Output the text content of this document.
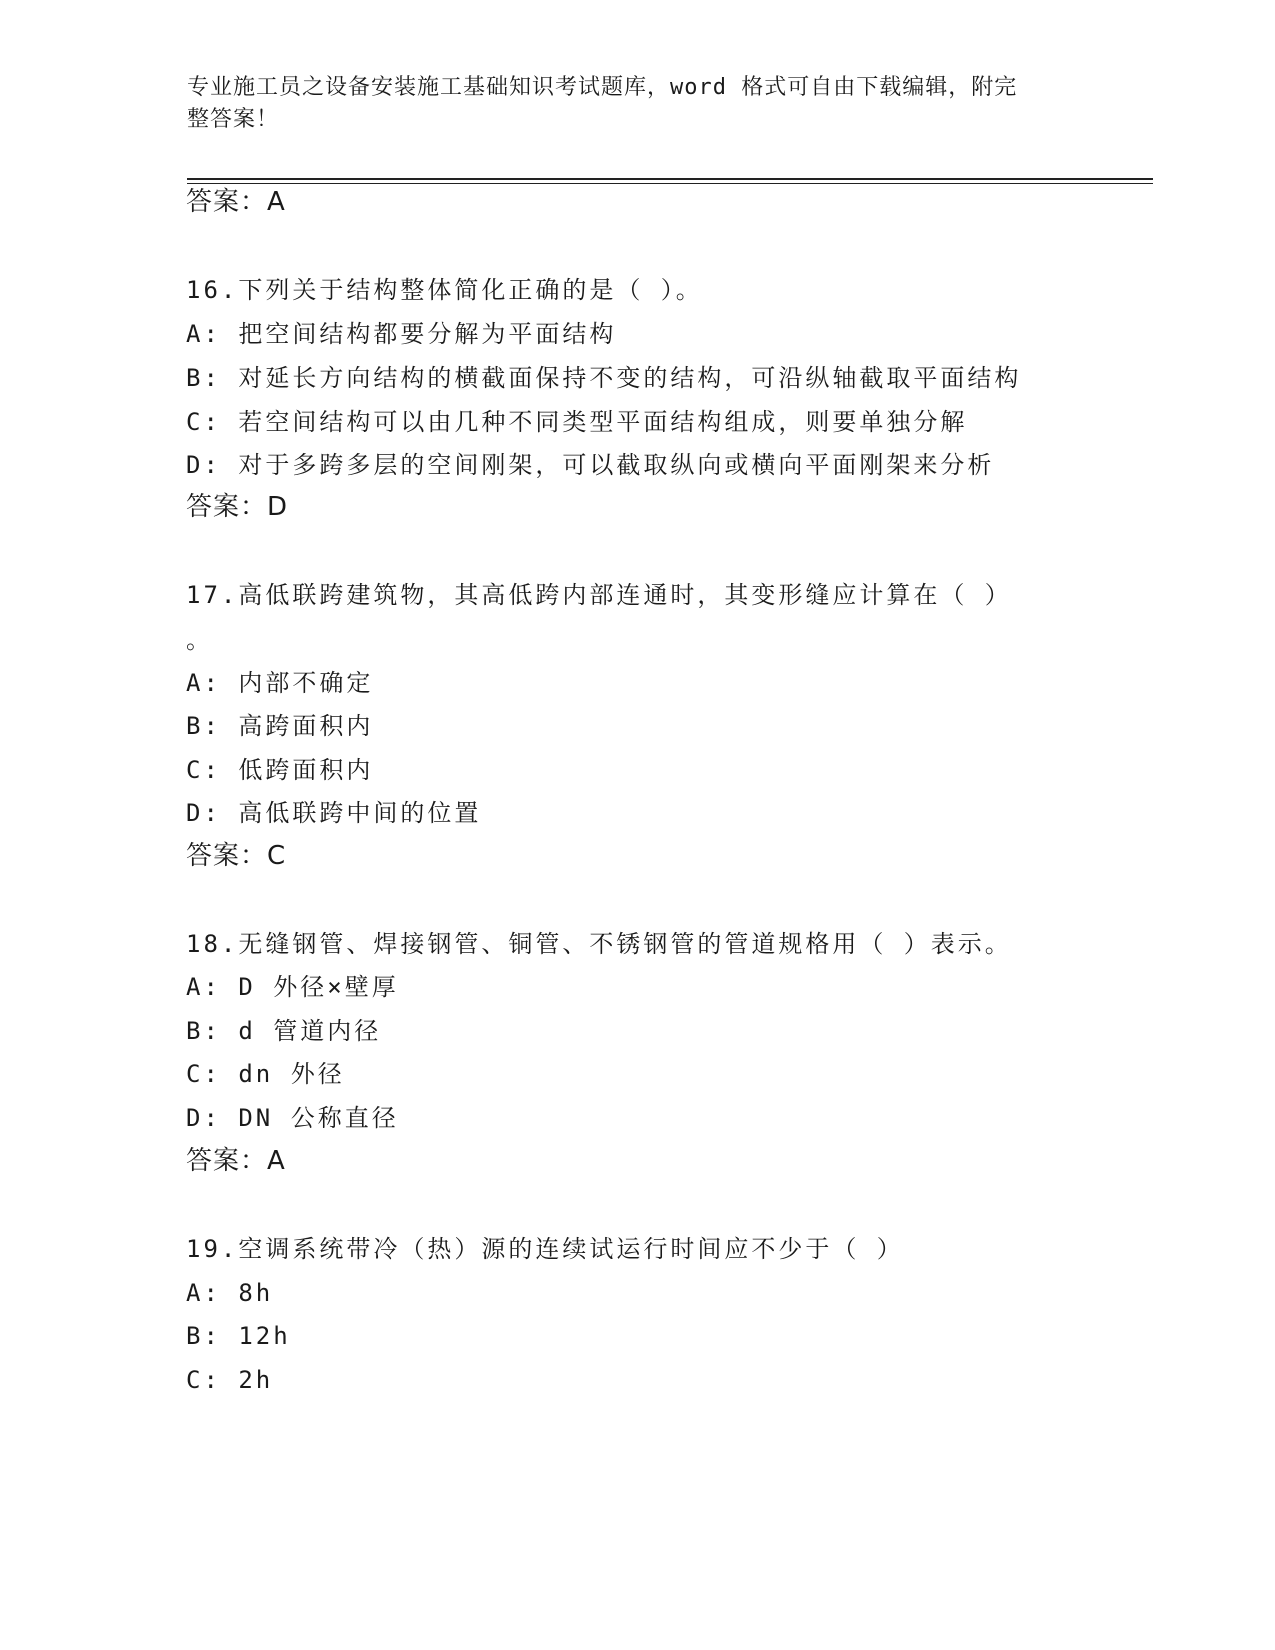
专业施工员之设备安装施工基础知识考试题库，word 格式可自由下载编辑，附完
整答案！
答案：A
16.下列关于结构整体简化正确的是（ ）。
A: 把空间结构都要分解为平面结构
B: 对延长方向结构的横截面保持不变的结构，可沿纵轴截取平面结构
C: 若空间结构可以由几种不同类型平面结构组成，则要单独分解
D: 对于多跨多层的空间刚架，可以截取纵向或横向平面刚架来分析
答案：D
17.高低联跨建筑物，其高低跨内部连通时，其变形缝应计算在（ ）
。
A: 内部不确定
B: 高跨面积内
C: 低跨面积内
D: 高低联跨中间的位置
答案：C
18.无缝钢管、焊接钢管、铜管、不锈钢管的管道规格用（ ）表示。
A: D 外径×壁厚
B: d 管道内径
C: dn 外径
D: DN 公称直径
答案：A
19.空调系统带冷（热）源的连续试运行时间应不少于（ ）
A: 8h
B: 12h
C: 2h
